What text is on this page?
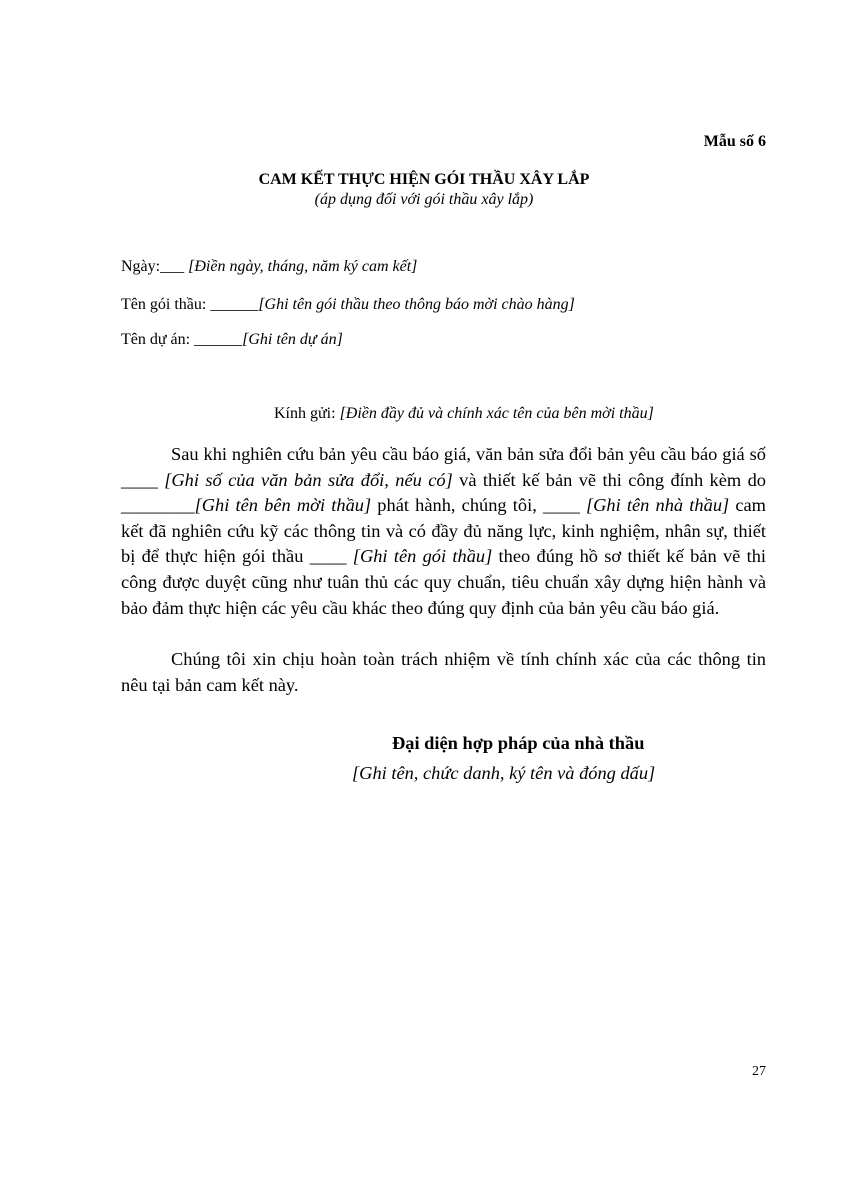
Mẫu số 6
CAM KẾT THỰC HIỆN GÓI THẦU XÂY LẮP
(áp dụng đối với gói thầu xây lắp)
Ngày:___ [Điền ngày, tháng, năm ký cam kết]
Tên gói thầu: ______[Ghi tên gói thầu theo thông báo mời chào hàng]
Tên dự án: ______[Ghi tên dự án]
Kính gửi: [Điền đầy đủ và chính xác tên của bên mời thầu]
Sau khi nghiên cứu bản yêu cầu báo giá, văn bản sửa đổi bản yêu cầu báo giá số ____ [Ghi số của văn bản sửa đổi, nếu có] và thiết kế bản vẽ thi công đính kèm do ________[Ghi tên bên mời thầu] phát hành, chúng tôi, ____ [Ghi tên nhà thầu] cam kết đã nghiên cứu kỹ các thông tin và có đầy đủ năng lực, kinh nghiệm, nhân sự, thiết bị để thực hiện gói thầu ____ [Ghi tên gói thầu] theo đúng hồ sơ thiết kế bản vẽ thi công được duyệt cũng như tuân thủ các quy chuẩn, tiêu chuẩn xây dựng hiện hành và bảo đảm thực hiện các yêu cầu khác theo đúng quy định của bản yêu cầu báo giá.
Chúng tôi xin chịu hoàn toàn trách nhiệm về tính chính xác của các thông tin nêu tại bản cam kết này.
Đại diện hợp pháp của nhà thầu
[Ghi tên, chức danh, ký tên và đóng dấu]
27
